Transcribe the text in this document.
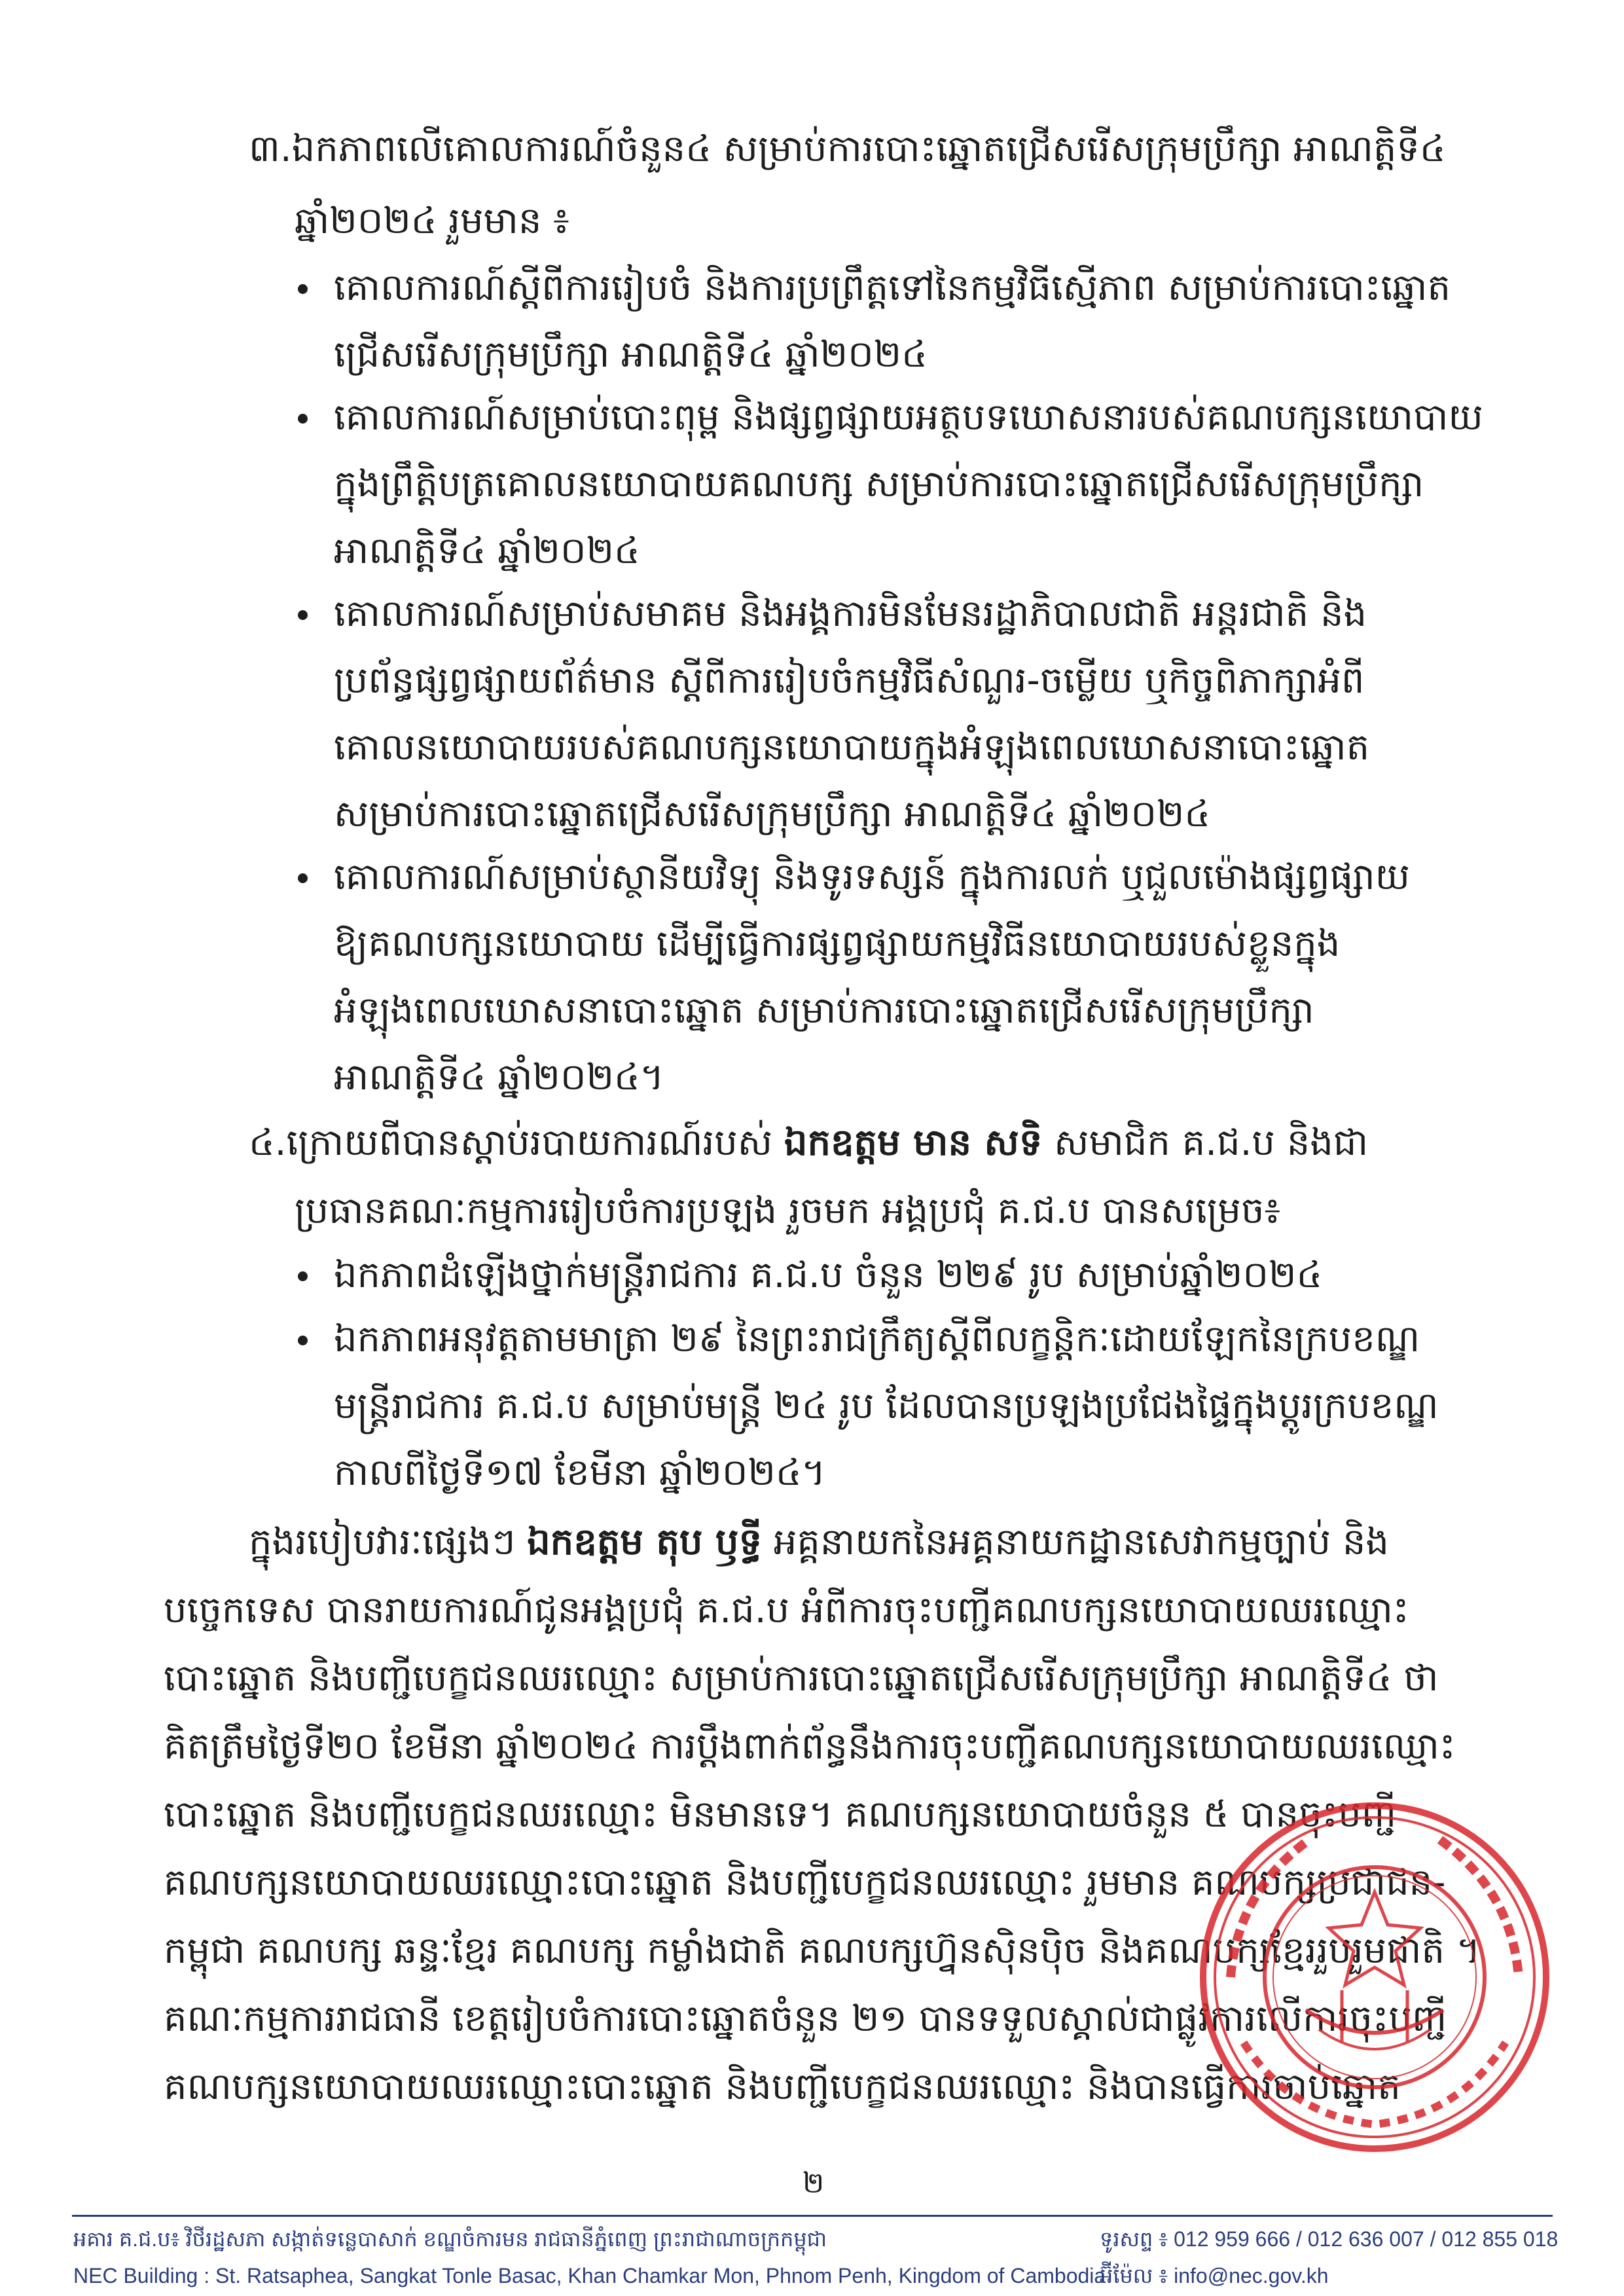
៣.ឯកភាពលើគោលការណ៍ចំនួន៤ សម្រាប់ការបោះឆ្នោតជ្រើសរើសក្រុមប្រឹក្សា អាណត្តិទី៤
ឆ្នាំ២០២៤ រួមមាន ៖
គោលការណ៍ស្តីពីការរៀបចំ និងការប្រព្រឹត្តទៅនៃកម្មវិធីស្មើភាព សម្រាប់ការបោះឆ្នោត
ជ្រើសរើសក្រុមប្រឹក្សា អាណត្តិទី៤ ឆ្នាំ២០២៤
គោលការណ៍សម្រាប់បោះពុម្ព និងផ្សព្វផ្សាយអត្ថបទឃោសនារបស់គណបក្សនយោបាយ
ក្នុងព្រឹត្តិបត្រគោលនយោបាយគណបក្ស សម្រាប់ការបោះឆ្នោតជ្រើសរើសក្រុមប្រឹក្សា
អាណត្តិទី៤ ឆ្នាំ២០២៤
គោលការណ៍សម្រាប់សមាគម និងអង្គការមិនមែនរដ្ឋាភិបាលជាតិ អន្តរជាតិ និង
ប្រព័ន្ធផ្សព្វផ្សាយព័ត៌មាន ស្តីពីការរៀបចំកម្មវិធីសំណួរ-ចម្លើយ ឬកិច្ចពិភាក្សាអំពី
គោលនយោបាយរបស់គណបក្សនយោបាយក្នុងអំឡុងពេលឃោសនាបោះឆ្នោត
សម្រាប់ការបោះឆ្នោតជ្រើសរើសក្រុមប្រឹក្សា អាណត្តិទី៤ ឆ្នាំ២០២៤
គោលការណ៍សម្រាប់ស្ថានីយវិទ្យុ និងទូរទស្សន៍ ក្នុងការលក់ ឬជួលម៉ោងផ្សព្វផ្សាយ
ឱ្យគណបក្សនយោបាយ ដើម្បីធ្វើការផ្សព្វផ្សាយកម្មវិធីនយោបាយរបស់ខ្លួនក្នុង
អំឡុងពេលឃោសនាបោះឆ្នោត សម្រាប់ការបោះឆ្នោតជ្រើសរើសក្រុមប្រឹក្សា
អាណត្តិទី៤ ឆ្នាំ២០២៤។
៤.ក្រោយពីបានស្តាប់របាយការណ៍របស់ ឯកឧត្តម មាន សទិ សមាជិក គ.ជ.ប និងជា
ប្រធានគណៈកម្មការរៀបចំការប្រឡង រួចមក អង្គប្រជុំ គ.ជ.ប បានសម្រេច៖
ឯកភាពដំឡើងថ្នាក់មន្ត្រីរាជការ គ.ជ.ប ចំនួន ២២៩ រូប សម្រាប់ឆ្នាំ២០២៤
ឯកភាពអនុវត្តតាមមាត្រា ២៩ នៃព្រះរាជក្រឹត្យស្តីពីលក្ខន្តិកៈដោយឡែកនៃក្របខណ្ឌ
មន្ត្រីរាជការ គ.ជ.ប សម្រាប់មន្ត្រី ២៤ រូប ដែលបានប្រឡងប្រជែងផ្ទៃក្នុងប្តូរក្របខណ្ឌ
កាលពីថ្ងៃទី១៧ ខែមីនា ឆ្នាំ២០២៤។
ក្នុងរបៀបវារៈផ្សេងៗ ឯកឧត្តម តុប ឫទ្ធី អគ្គនាយកនៃអគ្គនាយកដ្ឋានសេវាកម្មច្បាប់ និង
បច្ចេកទេស បានរាយការណ៍ជូនអង្គប្រជុំ គ.ជ.ប អំពីការចុះបញ្ជីគណបក្សនយោបាយឈរឈ្មោះ
បោះឆ្នោត និងបញ្ជីបេក្ខជនឈរឈ្មោះ សម្រាប់ការបោះឆ្នោតជ្រើសរើសក្រុមប្រឹក្សា អាណត្តិទី៤ ថា
គិតត្រឹមថ្ងៃទី២០ ខែមីនា ឆ្នាំ២០២៤ ការប្តឹងពាក់ព័ន្ធនឹងការចុះបញ្ជីគណបក្សនយោបាយឈរឈ្មោះ
បោះឆ្នោត និងបញ្ជីបេក្ខជនឈរឈ្មោះ មិនមានទេ។ គណបក្សនយោបាយចំនួន ៥ បានចុះបញ្ជី
គណបក្សនយោបាយឈរឈ្មោះបោះឆ្នោត និងបញ្ជីបេក្ខជនឈរឈ្មោះ រួមមាន គណបក្សប្រជាជន-
កម្ពុជា គណបក្ស ឆន្ទៈខ្មែរ គណបក្ស កម្លាំងជាតិ គណបក្សហ្វ៊ុនស៊ិនប៉ិច និងគណបក្សខ្មែររួបរួមជាតិ ។
គណៈកម្មការរាជធានី ខេត្តរៀបចំការបោះឆ្នោតចំនួន ២១ បានទទួលស្គាល់ជាផ្លូវការលើការចុះបញ្ជី
គណបក្សនយោបាយឈរឈ្មោះបោះឆ្នោត និងបញ្ជីបេក្ខជនឈរឈ្មោះ និងបានធ្វើការចាប់ឆ្នោត
២
អគារ គ.ជ.ប៖ វិថីរដ្ឋសភា សង្កាត់ទន្លេបាសាក់ ខណ្ឌចំការមន រាជធានីភ្នំពេញ ព្រះរាជាណាចក្រកម្ពុជា	ទូរសព្ទ ៖ 012 959 666 / 012 636 007 / 012 855 018
NEC Building : St. Ratsaphea, Sangkat Tonle Basac, Khan Chamkar Mon, Phnom Penh, Kingdom of Cambodia
អ៊ីម៉ែល ៖ info@nec.gov.kh
